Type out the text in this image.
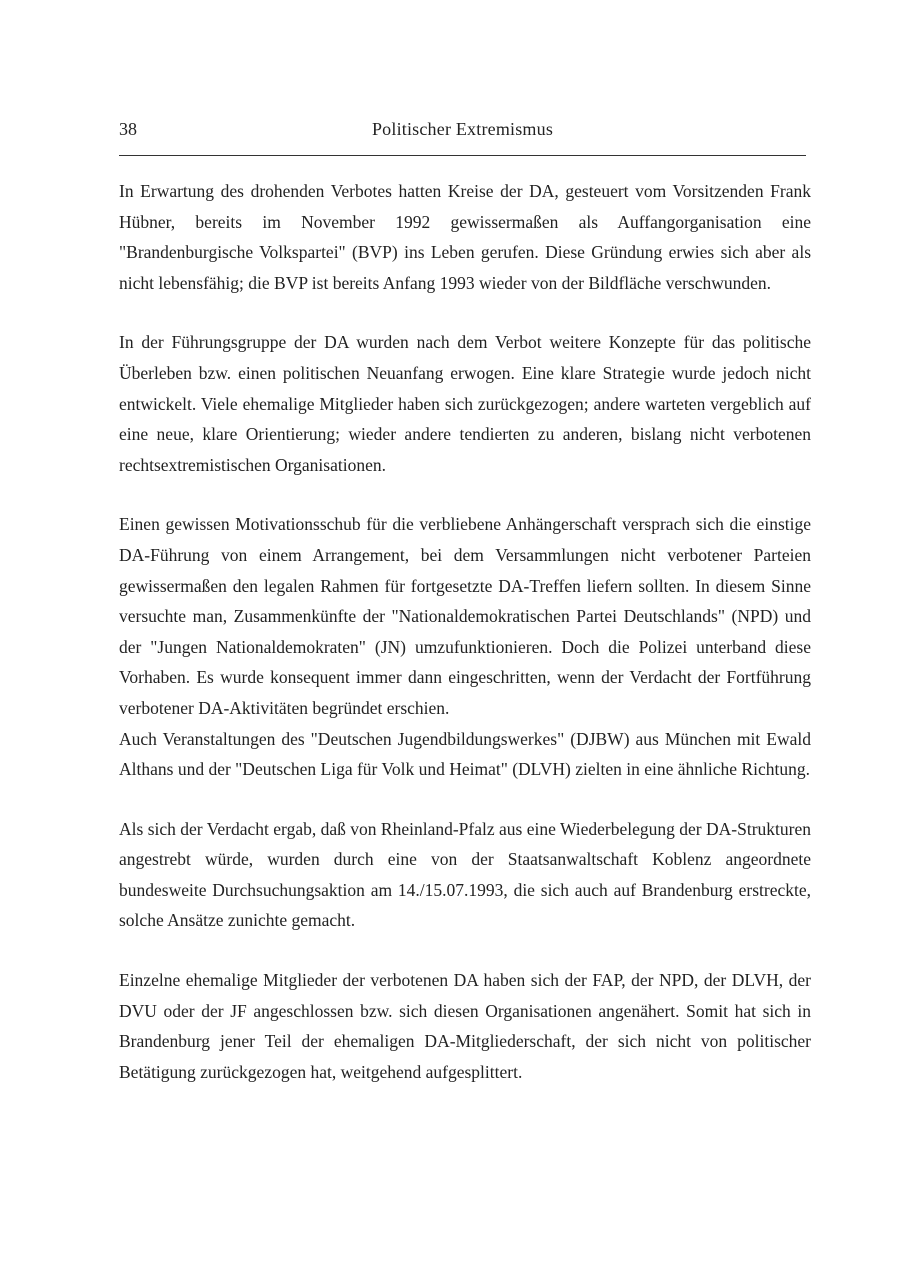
38	Politischer Extremismus

In Erwartung des drohenden Verbotes hatten Kreise der DA, gesteuert vom Vorsitzenden Frank Hübner, bereits im November 1992 gewissermaßen als Auffangorganisation eine "Brandenburgische Volkspartei" (BVP) ins Leben gerufen. Diese Gründung erwies sich aber als nicht lebensfähig; die BVP ist bereits Anfang 1993 wieder von der Bildfläche verschwunden.

In der Führungsgruppe der DA wurden nach dem Verbot weitere Konzepte für das politische Überleben bzw. einen politischen Neuanfang erwogen. Eine klare Strategie wurde jedoch nicht entwickelt. Viele ehemalige Mitglieder haben sich zurückgezogen; andere warteten vergeblich auf eine neue, klare Orientierung; wieder andere tendierten zu anderen, bislang nicht verbotenen rechtsextremistischen Organisationen.

Einen gewissen Motivationsschub für die verbliebene Anhängerschaft versprach sich die einstige DA-Führung von einem Arrangement, bei dem Versammlungen nicht verbotener Parteien gewissermaßen den legalen Rahmen für fortgesetzte DA-Treffen liefern sollten. In diesem Sinne versuchte man, Zusammenkünfte der "Nationaldemokratischen Partei Deutschlands" (NPD) und der "Jungen Nationaldemokraten" (JN) umzufunktionieren. Doch die Polizei unterband diese Vorhaben. Es wurde konsequent immer dann eingeschritten, wenn der Verdacht der Fortführung verbotener DA-Aktivitäten begründet erschien.

Auch Veranstaltungen des "Deutschen Jugendbildungswerkes" (DJBW) aus München mit Ewald Althans und der "Deutschen Liga für Volk und Heimat" (DLVH) zielten in eine ähnliche Richtung.

Als sich der Verdacht ergab, daß von Rheinland-Pfalz aus eine Wiederbelegung der DA-Strukturen angestrebt würde, wurden durch eine von der Staatsanwaltschaft Koblenz angeordnete bundesweite Durchsuchungsaktion am 14./15.07.1993, die sich auch auf Brandenburg erstreckte, solche Ansätze zunichte gemacht.

Einzelne ehemalige Mitglieder der verbotenen DA haben sich der FAP, der NPD, der DLVH, der DVU oder der JF angeschlossen bzw. sich diesen Organisationen angenähert. Somit hat sich in Brandenburg jener Teil der ehemaligen DA-Mitgliederschaft, der sich nicht von politischer Betätigung zurückgezogen hat, weitgehend aufgesplittert.
